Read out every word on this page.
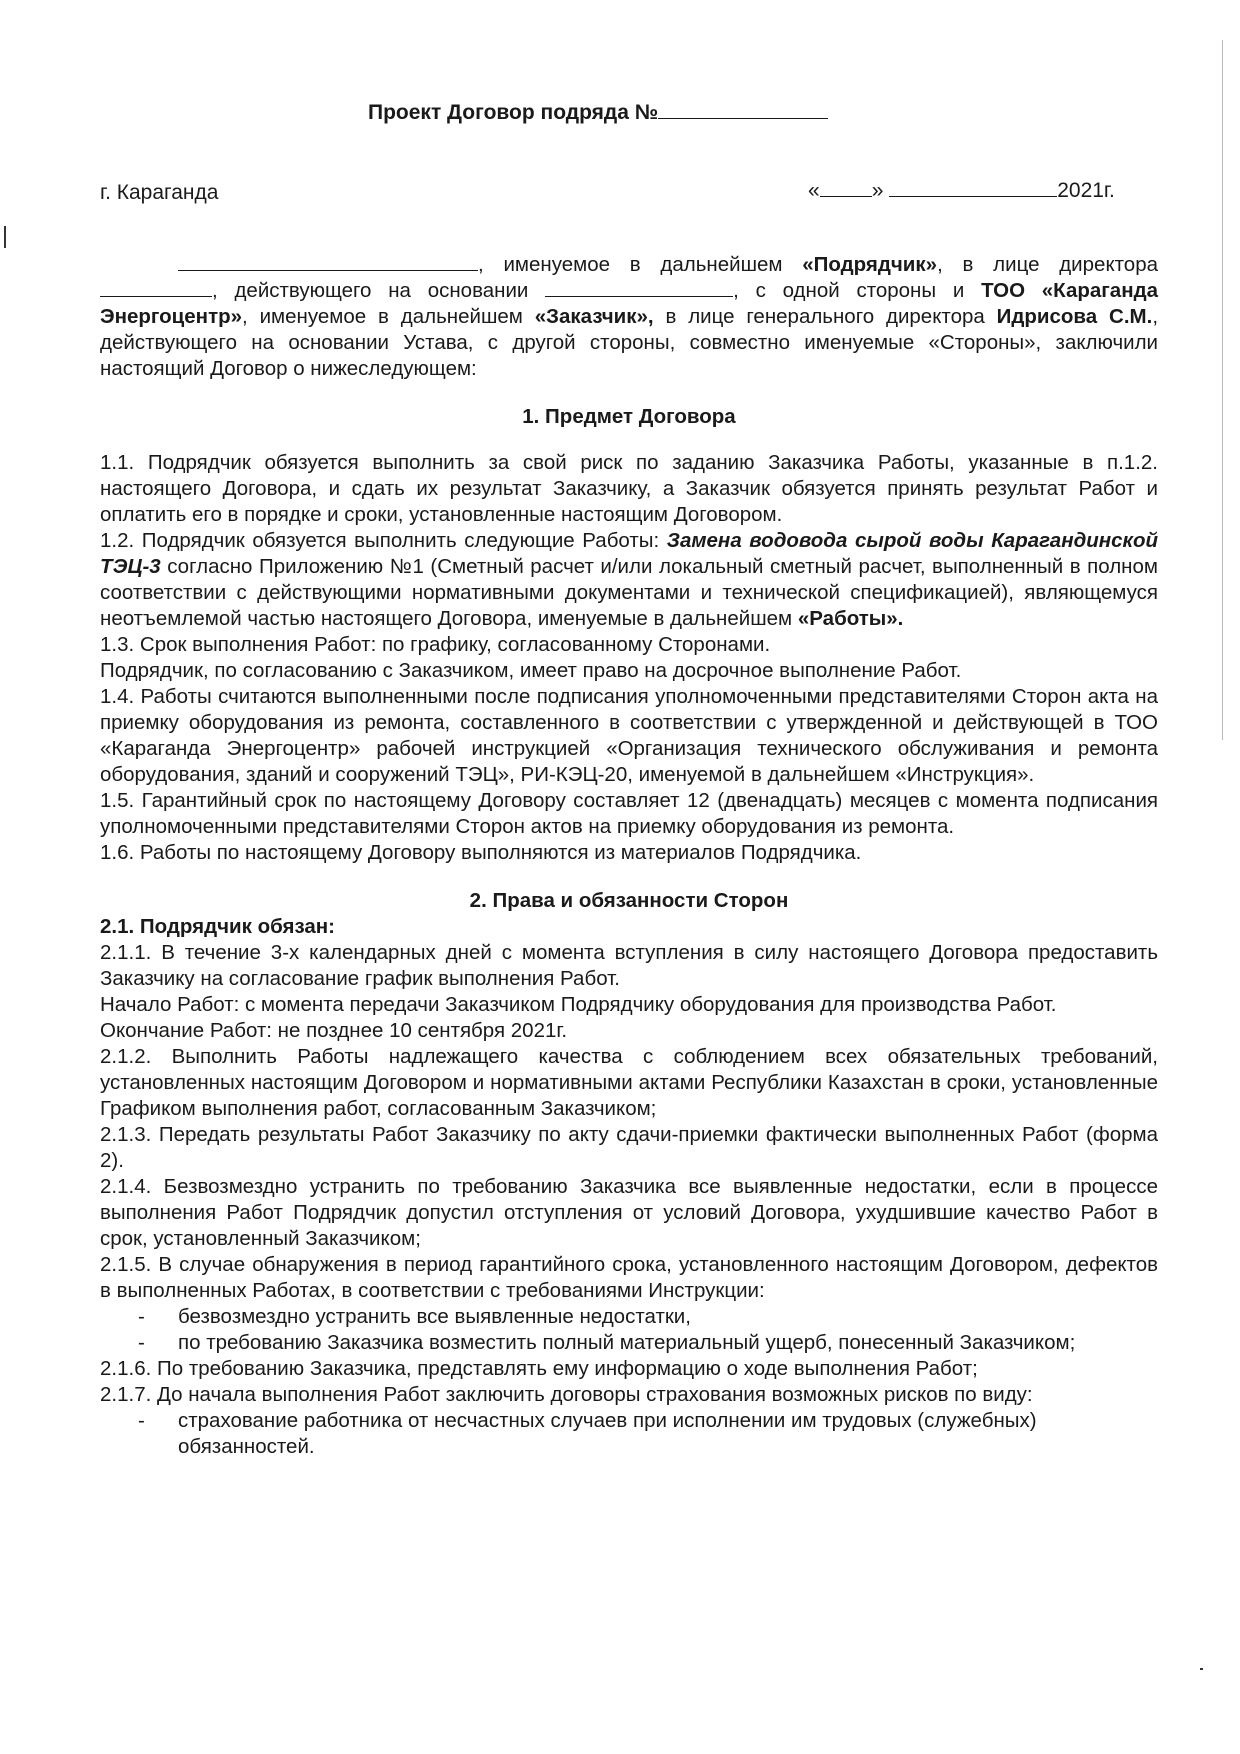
Проект Договор подряда №
г. Караганда	« »	2021г.

, именуемое в дальнейшем «Подрядчик», в лице директора , действующего на основании	, с одной стороны и ТОО «Караганда Энергоцентр», именуемое в дальнейшем «Заказчик», в лице генерального директора Идрисова С.М., действующего на основании Устава, с другой стороны, совместно именуемые «Стороны», заключили настоящий Договор о нижеследующем:

1. Предмет Договора

1.1. Подрядчик обязуется выполнить за свой риск по заданию Заказчика Работы, указанные в п.1.2. настоящего Договора, и сдать их результат Заказчику, а Заказчик обязуется принять результат Работ и оплатить его в порядке и сроки, установленные настоящим Договором.

1.2. Подрядчик обязуется выполнить следующие Работы: Замена водовода сырой воды Карагандинской ТЭЦ-3 согласно Приложению №1 (Сметный расчет и/или локальный сметный расчет, выполненный в полном соответствии с действующими нормативными документами и технической спецификацией), являющемуся неотъемлемой частью настоящего Договора, именуемые в дальнейшем «Работы».

1.3. Срок выполнения Работ: по графику, согласованному Сторонами.

Подрядчик, по согласованию с Заказчиком, имеет право на досрочное выполнение Работ.

1.4. Работы считаются выполненными после подписания уполномоченными представителями Сторон акта на приемку оборудования из ремонта, составленного в соответствии с утвержденной и действующей в ТОО «Караганда Энергоцентр» рабочей инструкцией «Организация технического обслуживания и ремонта оборудования, зданий и сооружений ТЭЦ», РИ-КЭЦ-20, именуемой в дальнейшем «Инструкция».

1.5. Гарантийный срок по настоящему Договору составляет 12 (двенадцать) месяцев с момента подписания уполномоченными представителями Сторон актов на приемку оборудования из ремонта.

1.6. Работы по настоящему Договору выполняются из материалов Подрядчика.

2. Права и обязанности Сторон

2.1. Подрядчик обязан:

2.1.1. В течение 3-х календарных дней с момента вступления в силу настоящего Договора предоставить Заказчику на согласование график выполнения Работ.

Начало Работ: с момента передачи Заказчиком Подрядчику оборудования для производства Работ.

Окончание Работ: не позднее 10 сентября 2021г.

2.1.2. Выполнить Работы надлежащего качества с соблюдением всех обязательных требований, установленных настоящим Договором и нормативными актами Республики Казахстан в сроки, установленные Графиком выполнения работ, согласованным Заказчиком;

2.1.3. Передать результаты Работ Заказчику по акту сдачи-приемки фактически выполненных Работ (форма 2).

2.1.4. Безвозмездно устранить по требованию Заказчика все выявленные недостатки, если в процессе выполнения Работ Подрядчик допустил отступления от условий Договора, ухудшившие качество Работ в срок, установленный Заказчиком;

2.1.5. В случае обнаружения в период гарантийного срока, установленного настоящим Договором, дефектов в выполненных Работах, в соответствии с требованиями Инструкции:

- безвозмездно устранить все выявленные недостатки,
- по требованию Заказчика возместить полный материальный ущерб, понесенный Заказчиком;

2.1.6. По требованию Заказчика, представлять ему информацию о ходе выполнения Работ;

2.1.7. До начала выполнения Работ заключить договоры страхования возможных рисков по виду:

- страхование работника от несчастных случаев при исполнении им трудовых (служебных) обязанностей.
